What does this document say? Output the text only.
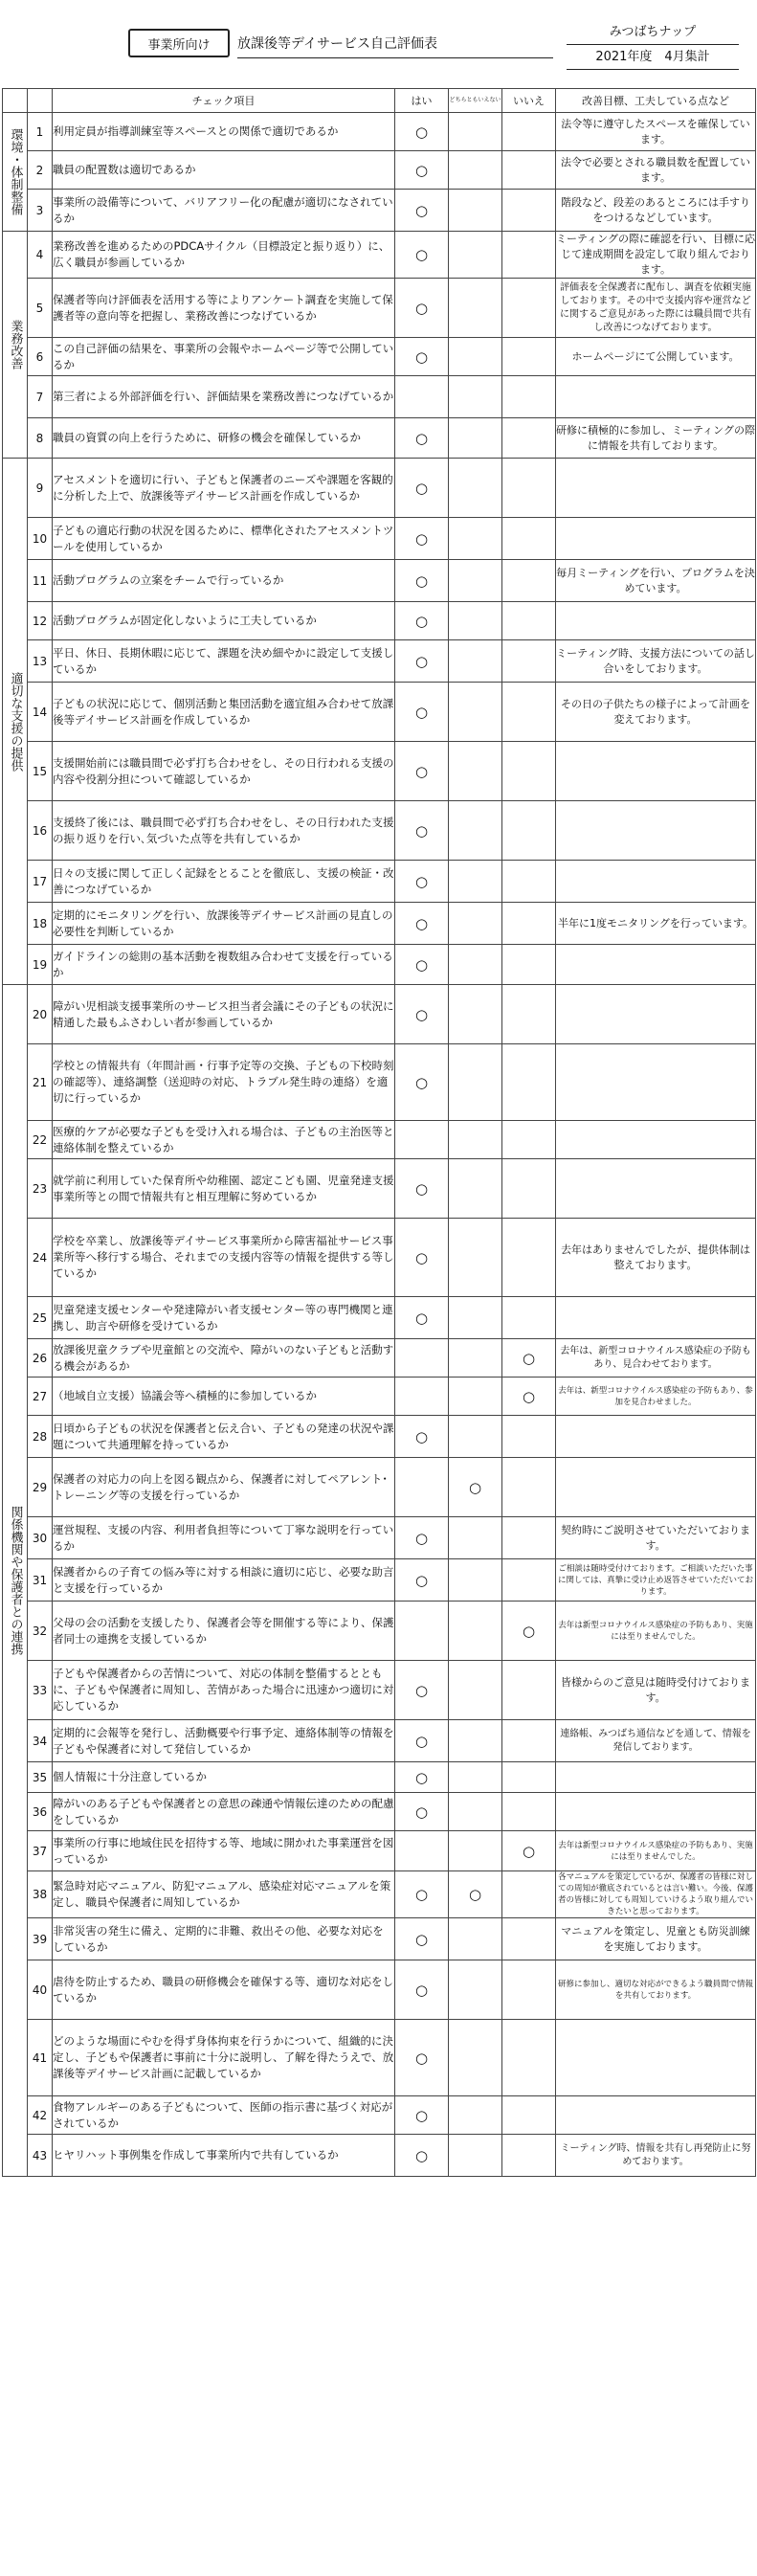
事業所向け	放課後等デイサービス自己評価表
みつばちナップ
2021年度　4月集計
		チェック項目	はい	どちらともいえない	いいえ	改善目標、工夫している点など
環境・体制整備	1	利用定員が指導訓練室等スペースとの関係で適切であるか	○			法令等に遵守したスペースを確保しています。
	2	職員の配置数は適切であるか	○			法令で必要とされる職員数を配置しています。
	3	事業所の設備等について、バリアフリー化の配慮が適切になされているか	○			階段など、段差のあるところには手すりをつけるなどしています。
業務改善	4	業務改善を進めるためのPDCAサイクル（目標設定と振り返り）に、広く職員が参画しているか	○			ミーティングの際に確認を行い、目標に応じて達成期間を設定して取り組んでおります。
	5	保護者等向け評価表を活用する等によりアンケート調査を実施して保護者等の意向等を把握し、業務改善につなげているか	○			評価表を全保護者に配布し、調査を依頼実施しております。その中で支援内容や運営などに関するご意見があった際には職員間で共有し改善につなげております。
	6	この自己評価の結果を、事業所の会報やホームページ等で公開しているか	○			ホームページにて公開しています。
	7	第三者による外部評価を行い、評価結果を業務改善につなげているか				
	8	職員の資質の向上を行うために、研修の機会を確保しているか	○			研修に積極的に参加し、ミーティングの際に情報を共有しております。
適切な支援の提供	9	アセスメントを適切に行い、子どもと保護者のニーズや課題を客観的に分析した上で、放課後等デイサービス計画を作成しているか	○			
	10	子どもの適応行動の状況を図るために、標準化されたアセスメントツールを使用しているか	○			
	11	活動プログラムの立案をチームで行っているか	○			毎月ミーティングを行い、プログラムを決めています。
	12	活動プログラムが固定化しないように工夫しているか	○			
	13	平日、休日、長期休暇に応じて、課題を決め細やかに設定して支援しているか	○			ミーティング時、支援方法についての話し合いをしております。
	14	子どもの状況に応じて、個別活動と集団活動を適宜組み合わせて放課後等デイサービス計画を作成しているか	○			その日の子供たちの様子によって計画を変えております。
	15	支援開始前には職員間で必ず打ち合わせをし、その日行われる支援の内容や役割分担について確認しているか	○			
	16	支援終了後には、職員間で必ず打ち合わせをし、その日行われた支援の振り返りを行い､気づいた点等を共有しているか	○			
	17	日々の支援に関して正しく記録をとることを徹底し、支援の検証・改善につなげているか	○			
	18	定期的にモニタリングを行い、放課後等デイサービス計画の見直しの必要性を判断しているか	○			半年に1度モニタリングを行っています。
	19	ガイドラインの総則の基本活動を複数組み合わせて支援を行っているか	○			
関係機関や保護者との連携	20	障がい児相談支援事業所のサービス担当者会議にその子どもの状況に精通した最もふさわしい者が参画しているか	○			
	21	学校との情報共有（年間計画・行事予定等の交換、子どもの下校時刻の確認等）、連絡調整（送迎時の対応、トラブル発生時の連絡）を適切に行っているか	○			
	22	医療的ケアが必要な子どもを受け入れる場合は、子どもの主治医等と連絡体制を整えているか				
	23	就学前に利用していた保育所や幼稚園、認定こども園、児童発達支援事業所等との間で情報共有と相互理解に努めているか	○			
	24	学校を卒業し、放課後等デイサービス事業所から障害福祉サービス事業所等へ移行する場合、それまでの支援内容等の情報を提供する等しているか	○			去年はありませんでしたが、提供体制は整えております。
	25	児童発達支援センターや発達障がい者支援センター等の専門機関と連携し、助言や研修を受けているか	○			
	26	放課後児童クラブや児童館との交流や、障がいのない子どもと活動する機会があるか			○	去年は、新型コロナウイルス感染症の予防もあり、見合わせております。
	27	（地域自立支援）協議会等へ積極的に参加しているか			○	去年は、新型コロナウイルス感染症の予防もあり、参加を見合わせました。
	28	日頃から子どもの状況を保護者と伝え合い、子どもの発達の状況や課題について共通理解を持っているか	○			
	29	保護者の対応力の向上を図る観点から、保護者に対してペアレント･トレーニング等の支援を行っているか		○		
	30	運営規程、支援の内容、利用者負担等について丁寧な説明を行っているか	○			契約時にご説明させていただいております。
	31	保護者からの子育ての悩み等に対する相談に適切に応じ、必要な助言と支援を行っているか	○			ご相談は随時受付けております。ご相談いただいた事に関しては、真摯に受け止め返答させていただいております。
	32	父母の会の活動を支援したり、保護者会等を開催する等により、保護者同士の連携を支援しているか			○	去年は新型コロナウイルス感染症の予防もあり、実施には至りませんでした。
	33	子どもや保護者からの苦情について、対応の体制を整備するとともに、子どもや保護者に周知し、苦情があった場合に迅速かつ適切に対応しているか	○			皆様からのご意見は随時受付けております。
	34	定期的に会報等を発行し、活動概要や行事予定、連絡体制等の情報を子どもや保護者に対して発信しているか	○			連絡帳、みつばち通信などを通して、情報を発信しております。
	35	個人情報に十分注意しているか	○			
	36	障がいのある子どもや保護者との意思の疎通や情報伝達のための配慮をしているか	○			
	37	事業所の行事に地域住民を招待する等、地域に開かれた事業運営を図っているか			○	去年は新型コロナウイルス感染症の予防もあり、実施には至りませんでした。
	38	緊急時対応マニュアル、防犯マニュアル、感染症対応マニュアルを策定し、職員や保護者に周知しているか	○	○		各マニュアルを策定しているが、保護者の皆様に対しての周知が徹底されているとは言い難い。今後、保護者の皆様に対しても周知していけるよう取り組んでいきたいと思っております。
	39	非常災害の発生に備え、定期的に非難、救出その他、必要な対応をしているか	○			マニュアルを策定し、児童とも防災訓練を実施しております。
	40	虐待を防止するため、職員の研修機会を確保する等、適切な対応をしているか	○			研修に参加し、適切な対応ができるよう職員間で情報を共有しております。
	41	どのような場面にやむを得ず身体拘束を行うかについて、組織的に決定し、子どもや保護者に事前に十分に説明し、了解を得たうえで、放課後等デイサービス計画に記載しているか	○			
	42	食物アレルギーのある子どもについて、医師の指示書に基づく対応がされているか	○			
	43	ヒヤリハット事例集を作成して事業所内で共有しているか	○			ミーティング時、情報を共有し再発防止に努めております。
